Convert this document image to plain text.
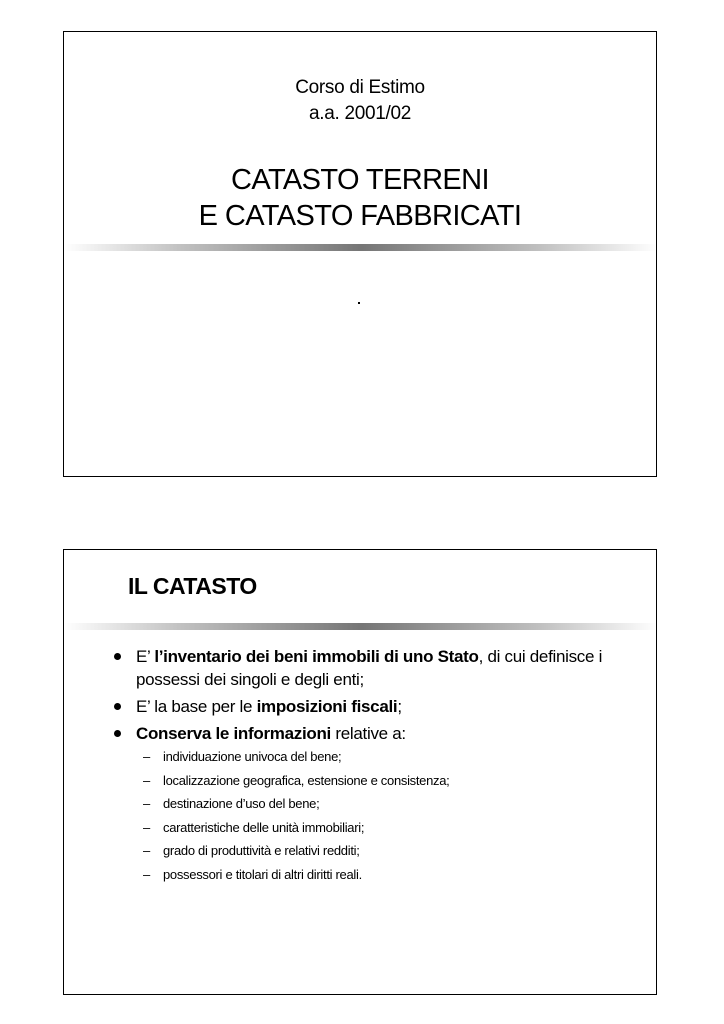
Corso di Estimo
a.a. 2001/02
CATASTO TERRENI
E CATASTO FABBRICATI
IL CATASTO
E’ l’inventario dei beni immobili di uno Stato, di cui definisce i possessi dei singoli e degli enti;
E’ la base per le imposizioni fiscali;
Conserva le informazioni relative a:
– individuazione univoca del bene;
– localizzazione geografica, estensione e consistenza;
– destinazione d’uso del bene;
– caratteristiche delle unità immobiliari;
– grado di produttività e relativi redditi;
– possessori e titolari di altri diritti reali.
